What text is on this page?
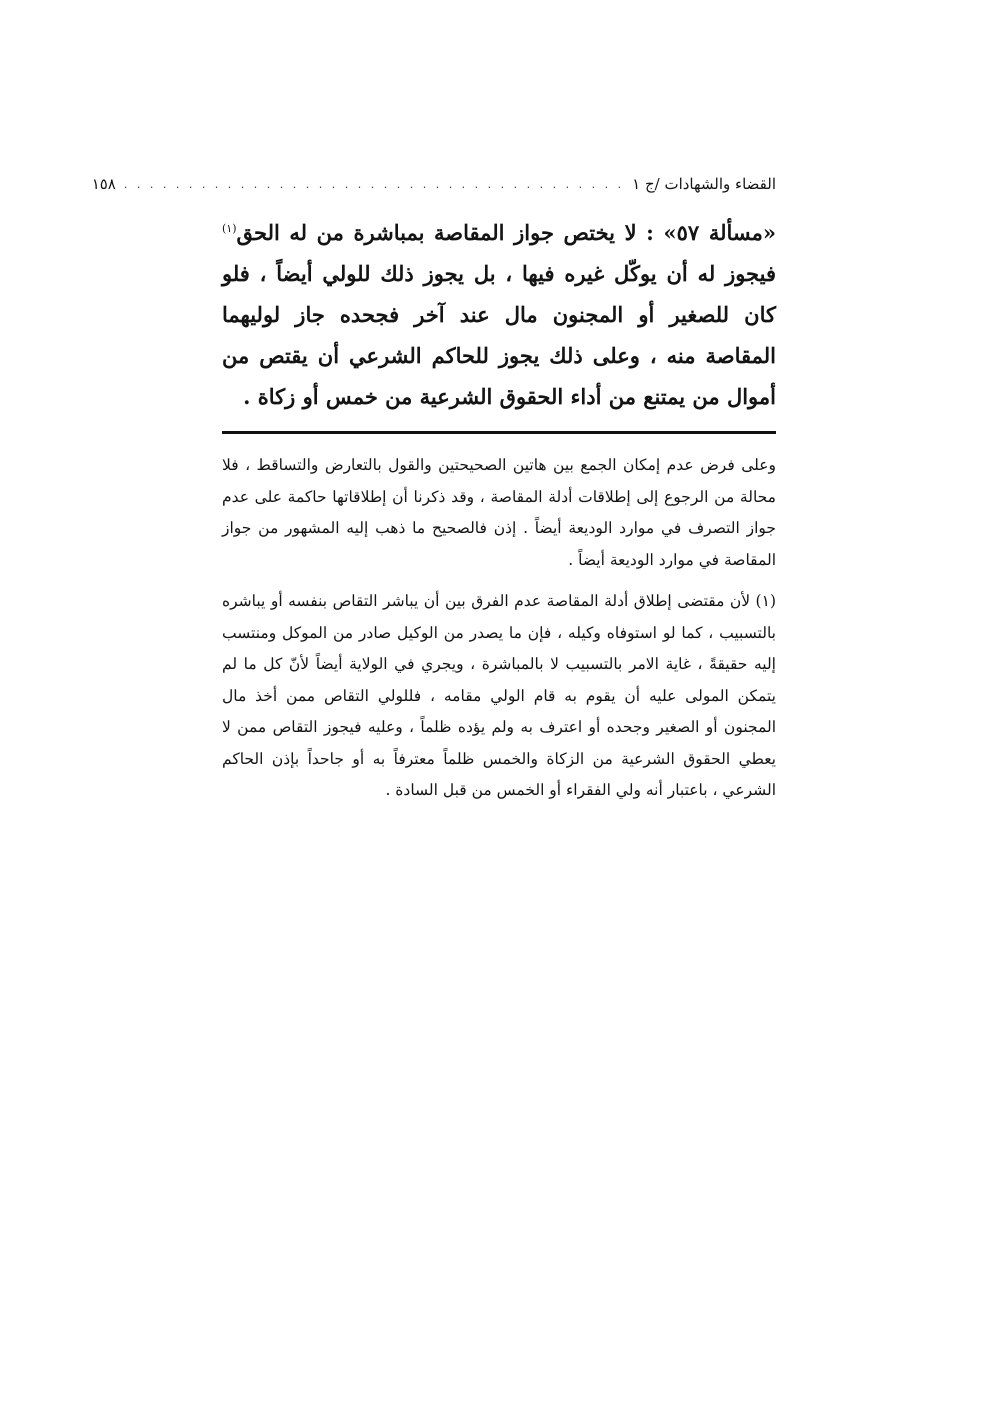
القضاء والشهادات /ج ١
. . . . . . . . . . . . . . . . . . . . . . . . . . . . . . . . . . . . . . .
١٥٨
«مسألة ٥٧» : لا يختص جواز المقاصة بمباشرة من له الحق$^{(١)}$ فيجوز له أن يوكّل غيره فيها ، بل يجوز ذلك للولي أيضاً ، فلو كان للصغير أو المجنون مال عند آخر فجحده جاز لوليهما المقاصة منه ، وعلى ذلك يجوز للحاكم الشرعي أن يقتص من أموال من يمتنع من أداء الحقوق الشرعية من خمس أو زكاة .

وعلى فرض عدم إمكان الجمع بين هاتين الصحيحتين والقول بالتعارض والتساقط ، فلا محالة من الرجوع إلى إطلاقات أدلة المقاصة ، وقد ذكرنا أن إطلاقاتها حاكمة على عدم جواز التصرف في موارد الوديعة أيضاً . إذن فالصحيح ما ذهب إليه المشهور من جواز المقاصة في موارد الوديعة أيضاً .

(١) لأن مقتضى إطلاق أدلة المقاصة عدم الفرق بين أن يباشر التقاص بنفسه أو يباشره بالتسبيب ، كما لو استوفاه وكيله ، فإن ما يصدر من الوكيل صادر من الموكل ومنتسب إليه حقيقةً ، غاية الامر بالتسبيب لا بالمباشرة ، ويجري في الولاية أيضاً لأنّ كل ما لم يتمكن المولى عليه أن يقوم به قام الولي مقامه ، فللولي التقاص ممن أخذ مال المجنون أو الصغير وجحده أو اعترف به ولم يؤده ظلماً ، وعليه فيجوز التقاص ممن لا يعطي الحقوق الشرعية من الزكاة والخمس ظلماً معترفاً به أو جاحداً بإذن الحاكم الشرعي ، باعتبار أنه ولي الفقراء أو الخمس من قبل السادة .
